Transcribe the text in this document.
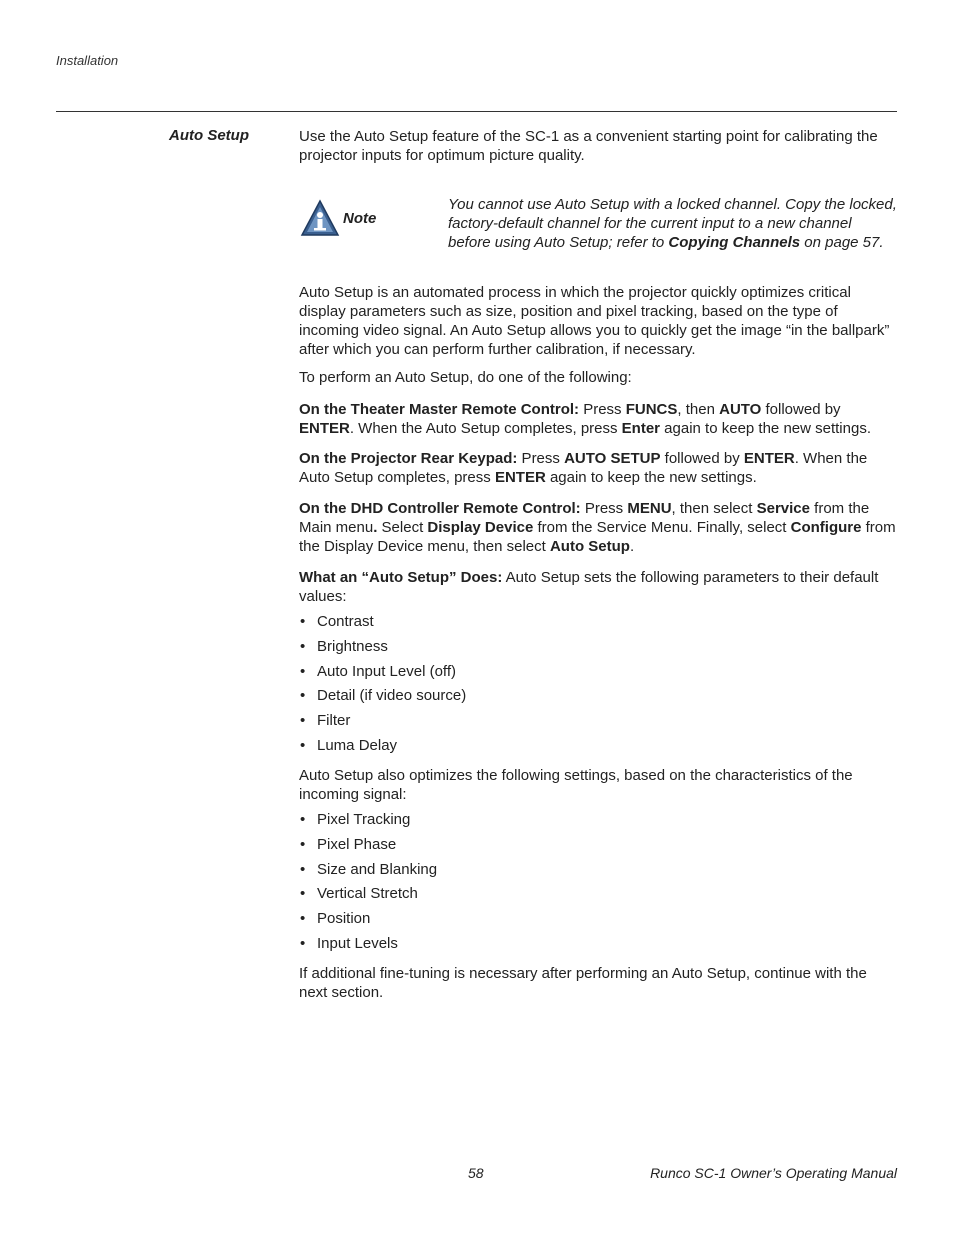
Installation
Auto Setup	Use the Auto Setup feature of the SC-1 as a convenient starting point for calibrating the projector inputs for optimum picture quality.

Note
You cannot use Auto Setup with a locked channel. Copy the locked, factory-default channel for the current input to a new channel before using Auto Setup; refer to Copying Channels on page 57.

Auto Setup is an automated process in which the projector quickly optimizes critical display parameters such as size, position and pixel tracking, based on the type of incoming video signal. An Auto Setup allows you to quickly get the image “in the ballpark” after which you can perform further calibration, if necessary.

To perform an Auto Setup, do one of the following:

On the Theater Master Remote Control: Press FUNCS, then AUTO followed by ENTER. When the Auto Setup completes, press Enter again to keep the new settings.

On the Projector Rear Keypad: Press AUTO SETUP followed by ENTER. When the Auto Setup completes, press ENTER again to keep the new settings.

On the DHD Controller Remote Control: Press MENU, then select Service from the Main menu. Select Display Device from the Service Menu. Finally, select Configure from the Display Device menu, then select Auto Setup.

What an “Auto Setup” Does: Auto Setup sets the following parameters to their default values:

• Contrast
• Brightness
• Auto Input Level (off)
• Detail (if video source)
• Filter
• Luma Delay

Auto Setup also optimizes the following settings, based on the characteristics of the incoming signal:

• Pixel Tracking
• Pixel Phase
• Size and Blanking
• Vertical Stretch
• Position
• Input Levels

If additional fine-tuning is necessary after performing an Auto Setup, continue with the next section.

58	Runco SC-1 Owner’s Operating Manual
